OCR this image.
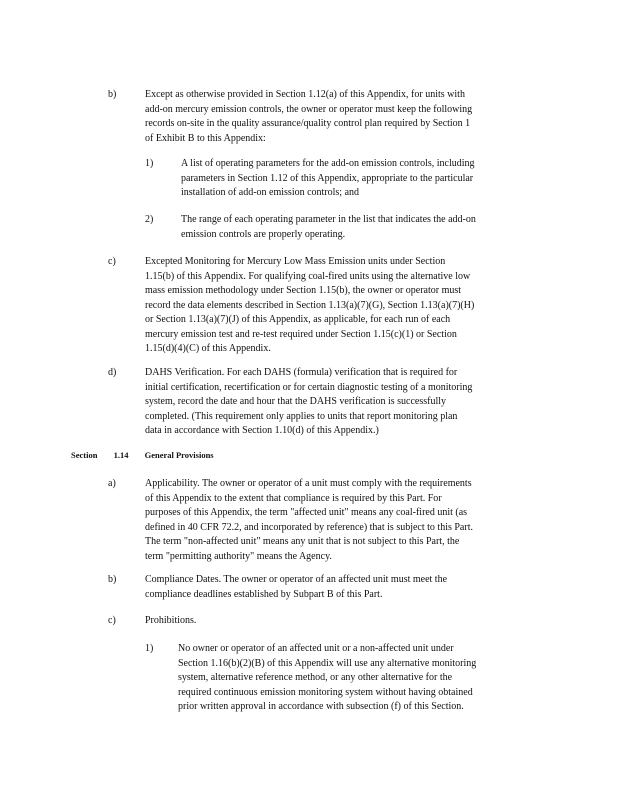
b)	Except as otherwise provided in Section 1.12(a) of this Appendix, for units with
add-on mercury emission controls, the owner or operator must keep the following
records on-site in the quality assurance/quality control plan required by Section 1
of Exhibit B to this Appendix:
1)	A list of operating parameters for the add-on emission controls, including
parameters in Section 1.12 of this Appendix, appropriate to the particular
installation of add-on emission controls; and
2)	The range of each operating parameter in the list that indicates the add-on
emission controls are properly operating.
c)	Excepted Monitoring for Mercury Low Mass Emission units under Section
1.15(b) of this Appendix. For qualifying coal-fired units using the alternative low
mass emission methodology under Section 1.15(b), the owner or operator must
record the data elements described in Section 1.13(a)(7)(G), Section 1.13(a)(7)(H)
or Section 1.13(a)(7)(J) of this Appendix, as applicable, for each run of each
mercury emission test and re-test required under Section 1.15(c)(1) or Section
1.15(d)(4)(C) of this Appendix.
d)	DAHS Verification. For each DAHS (formula) verification that is required for
initial certification, recertification or for certain diagnostic testing of a monitoring
system, record the date and hour that the DAHS verification is successfully
completed. (This requirement only applies to units that report monitoring plan
data in accordance with Section 1.10(d) of this Appendix.)
Section 1.14 General Provisions
a)	Applicability. The owner or operator of a unit must comply with the requirements
of this Appendix to the extent that compliance is required by this Part. For
purposes of this Appendix, the term "affected unit" means any coal-fired unit (as
defined in 40 CFR 72.2, and incorporated by reference) that is subject to this Part.
The term "non-affected unit" means any unit that is not subject to this Part, the
term "permitting authority" means the Agency.
b)	Compliance Dates. The owner or operator of an affected unit must meet the
compliance deadlines established by Subpart B of this Part.
c)	Prohibitions.
1) No owner or operator of an affected unit or a non-affected unit under
Section 1.16(b)(2)(B) of this Appendix will use any alternative monitoring
system, alternative reference method, or any other alternative for the
required continuous emission monitoring system without having obtained
prior written approval in accordance with subsection (f) of this Section.
